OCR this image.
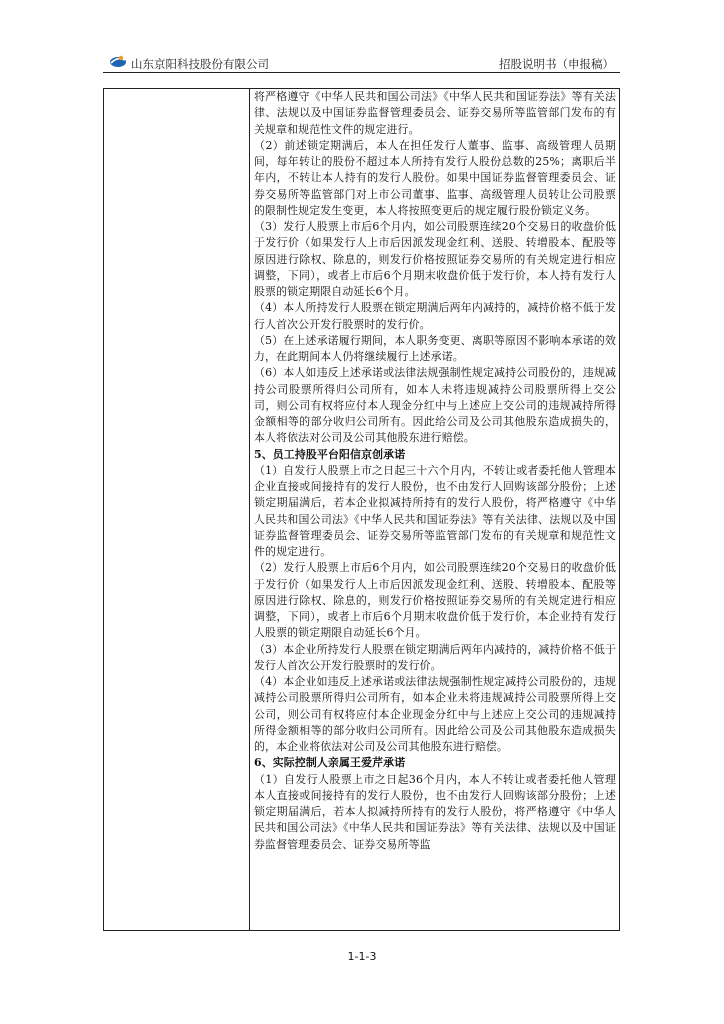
山东京阳科技股份有限公司	招股说明书（申报稿）

将严格遵守《中华人民共和国公司法》《中华人民共和国证券法》等有关法律、法规以及中国证券监督管理委员会、证券交易所等监管部门发布的有关规章和规范性文件的规定进行。

（2）前述锁定期满后，本人在担任发行人董事、监事、高级管理人员期间，每年转让的股份不超过本人所持有发行人股份总数的25%；离职后半年内，不转让本人持有的发行人股份。如果中国证券监督管理委员会、证券交易所等监管部门对上市公司董事、监事、高级管理人员转让公司股票的限制性规定发生变更，本人将按照变更后的规定履行股份锁定义务。

（3）发行人股票上市后6个月内，如公司股票连续20个交易日的收盘价低于发行价（如果发行人上市后因派发现金红利、送股、转增股本、配股等原因进行除权、除息的，则发行价格按照证券交易所的有关规定进行相应调整，下同），或者上市后6个月期末收盘价低于发行价，本人持有发行人股票的锁定期限自动延长6个月。

（4）本人所持发行人股票在锁定期满后两年内减持的，减持价格不低于发行人首次公开发行股票时的发行价。

（5）在上述承诺履行期间，本人职务变更、离职等原因不影响本承诺的效力，在此期间本人仍将继续履行上述承诺。

（6）本人如违反上述承诺或法律法规强制性规定减持公司股份的，违规减持公司股票所得归公司所有，如本人未将违规减持公司股票所得上交公司，则公司有权将应付本人现金分红中与上述应上交公司的违规减持所得金额相等的部分收归公司所有。因此给公司及公司其他股东造成损失的，本人将依法对公司及公司其他股东进行赔偿。

5、员工持股平台阳信京创承诺

（1）自发行人股票上市之日起三十六个月内，不转让或者委托他人管理本企业直接或间接持有的发行人股份，也不由发行人回购该部分股份；上述锁定期届满后，若本企业拟减持所持有的发行人股份，将严格遵守《中华人民共和国公司法》《中华人民共和国证券法》等有关法律、法规以及中国证券监督管理委员会、证券交易所等监管部门发布的有关规章和规范性文件的规定进行。

（2）发行人股票上市后6个月内，如公司股票连续20个交易日的收盘价低于发行价（如果发行人上市后因派发现金红利、送股、转增股本、配股等原因进行除权、除息的，则发行价格按照证券交易所的有关规定进行相应调整，下同），或者上市后6个月期末收盘价低于发行价，本企业持有发行人股票的锁定期限自动延长6个月。

（3）本企业所持发行人股票在锁定期满后两年内减持的，减持价格不低于发行人首次公开发行股票时的发行价。

（4）本企业如违反上述承诺或法律法规强制性规定减持公司股份的，违规减持公司股票所得归公司所有，如本企业未将违规减持公司股票所得上交公司，则公司有权将应付本企业现金分红中与上述应上交公司的违规减持所得金额相等的部分收归公司所有。因此给公司及公司其他股东造成损失的，本企业将依法对公司及公司其他股东进行赔偿。

6、实际控制人亲属王爱芹承诺

（1）自发行人股票上市之日起36个月内，本人不转让或者委托他人管理本人直接或间接持有的发行人股份，也不由发行人回购该部分股份；上述锁定期届满后，若本人拟减持所持有的发行人股份，将严格遵守《中华人民共和国公司法》《中华人民共和国证券法》等有关法律、法规以及中国证券监督管理委员会、证券交易所等监

1-1-3
